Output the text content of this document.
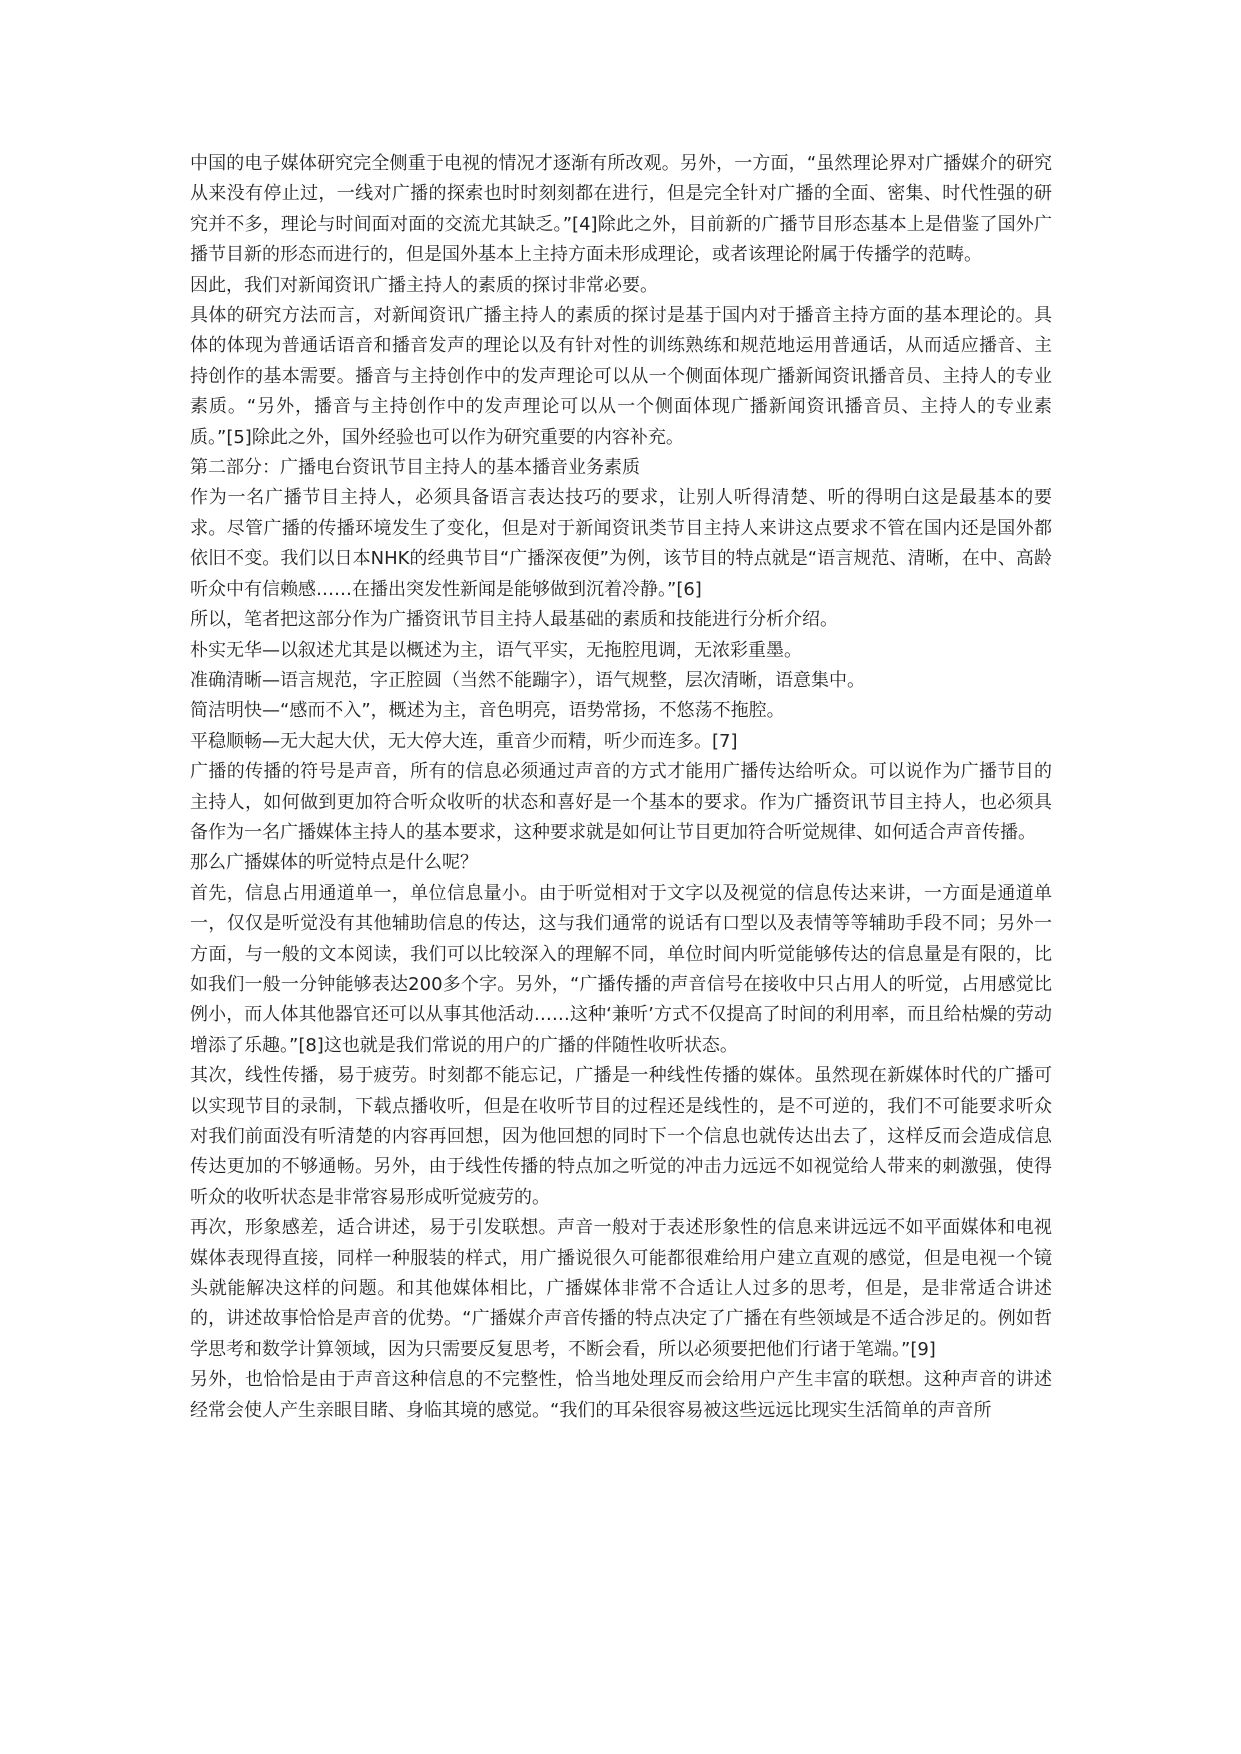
中国的电子媒体研究完全侧重于电视的情况才逐渐有所改观。另外，一方面，“虽然理论界对广播媒介的研究从来没有停止过，一线对广播的探索也时时刻刻都在进行，但是完全针对广播的全面、密集、时代性强的研究并不多，理论与时间面对面的交流尤其缺乏。”[4]除此之外，目前新的广播节目形态基本上是借鉴了国外广播节目新的形态而进行的，但是国外基本上主持方面未形成理论，或者该理论附属于传播学的范畴。

因此，我们对新闻资讯广播主持人的素质的探讨非常必要。

具体的研究方法而言，对新闻资讯广播主持人的素质的探讨是基于国内对于播音主持方面的基本理论的。具体的体现为普通话语音和播音发声的理论以及有针对性的训练熟练和规范地运用普通话，从而适应播音、主持创作的基本需要。播音与主持创作中的发声理论可以从一个侧面体现广播新闻资讯播音员、主持人的专业素质。“另外，播音与主持创作中的发声理论可以从一个侧面体现广播新闻资讯播音员、主持人的专业素质。”[5]除此之外，国外经验也可以作为研究重要的内容补充。

第二部分：广播电台资讯节目主持人的基本播音业务素质

作为一名广播节目主持人，必须具备语言表达技巧的要求，让别人听得清楚、听的得明白这是最基本的要求。尽管广播的传播环境发生了变化，但是对于新闻资讯类节目主持人来讲这点要求不管在国内还是国外都依旧不变。我们以日本NHK的经典节目“广播深夜便”为例，该节目的特点就是“语言规范、清晰，在中、高龄听众中有信赖感……在播出突发性新闻是能够做到沉着冷静。”[6]

所以，笔者把这部分作为广播资讯节目主持人最基础的素质和技能进行分析介绍。

朴实无华—以叙述尤其是以概述为主，语气平实，无拖腔甩调，无浓彩重墨。

准确清晰—语言规范，字正腔圆（当然不能蹦字），语气规整，层次清晰，语意集中。

简洁明快—“感而不入”，概述为主，音色明亮，语势常扬，不悠荡不拖腔。

平稳顺畅—无大起大伏，无大停大连，重音少而精，听少而连多。[7]

广播的传播的符号是声音，所有的信息必须通过声音的方式才能用广播传达给听众。可以说作为广播节目的主持人，如何做到更加符合听众收听的状态和喜好是一个基本的要求。作为广播资讯节目主持人，也必须具备作为一名广播媒体主持人的基本要求，这种要求就是如何让节目更加符合听觉规律、如何适合声音传播。

那么广播媒体的听觉特点是什么呢？

首先，信息占用通道单一，单位信息量小。由于听觉相对于文字以及视觉的信息传达来讲，一方面是通道单一，仅仅是听觉没有其他辅助信息的传达，这与我们通常的说话有口型以及表情等等辅助手段不同；另外一方面，与一般的文本阅读，我们可以比较深入的理解不同，单位时间内听觉能够传达的信息量是有限的，比如我们一般一分钟能够表达200多个字。另外，“广播传播的声音信号在接收中只占用人的听觉，占用感觉比例小，而人体其他器官还可以从事其他活动……这种‘兼听’方式不仅提高了时间的利用率，而且给枯燥的劳动增添了乐趣。”[8]这也就是我们常说的用户的广播的伴随性收听状态。

其次，线性传播，易于疲劳。时刻都不能忘记，广播是一种线性传播的媒体。虽然现在新媒体时代的广播可以实现节目的录制，下载点播收听，但是在收听节目的过程还是线性的，是不可逆的，我们不可能要求听众对我们前面没有听清楚的内容再回想，因为他回想的同时下一个信息也就传达出去了，这样反而会造成信息传达更加的不够通畅。另外，由于线性传播的特点加之听觉的冲击力远远不如视觉给人带来的刺激强，使得听众的收听状态是非常容易形成听觉疲劳的。

再次，形象感差，适合讲述，易于引发联想。声音一般对于表述形象性的信息来讲远远不如平面媒体和电视媒体表现得直接，同样一种服装的样式，用广播说很久可能都很难给用户建立直观的感觉，但是电视一个镜头就能解决这样的问题。和其他媒体相比，广播媒体非常不合适让人过多的思考，但是，是非常适合讲述的，讲述故事恰恰是声音的优势。“广播媒介声音传播的特点决定了广播在有些领域是不适合涉足的。例如哲学思考和数学计算领域，因为只需要反复思考，不断会看，所以必须要把他们行诸于笔端。”[9]

另外，也恰恰是由于声音这种信息的不完整性，恰当地处理反而会给用户产生丰富的联想。这种声音的讲述经常会使人产生亲眼目睹、身临其境的感觉。“我们的耳朵很容易被这些远远比现实生活简单的声音所
